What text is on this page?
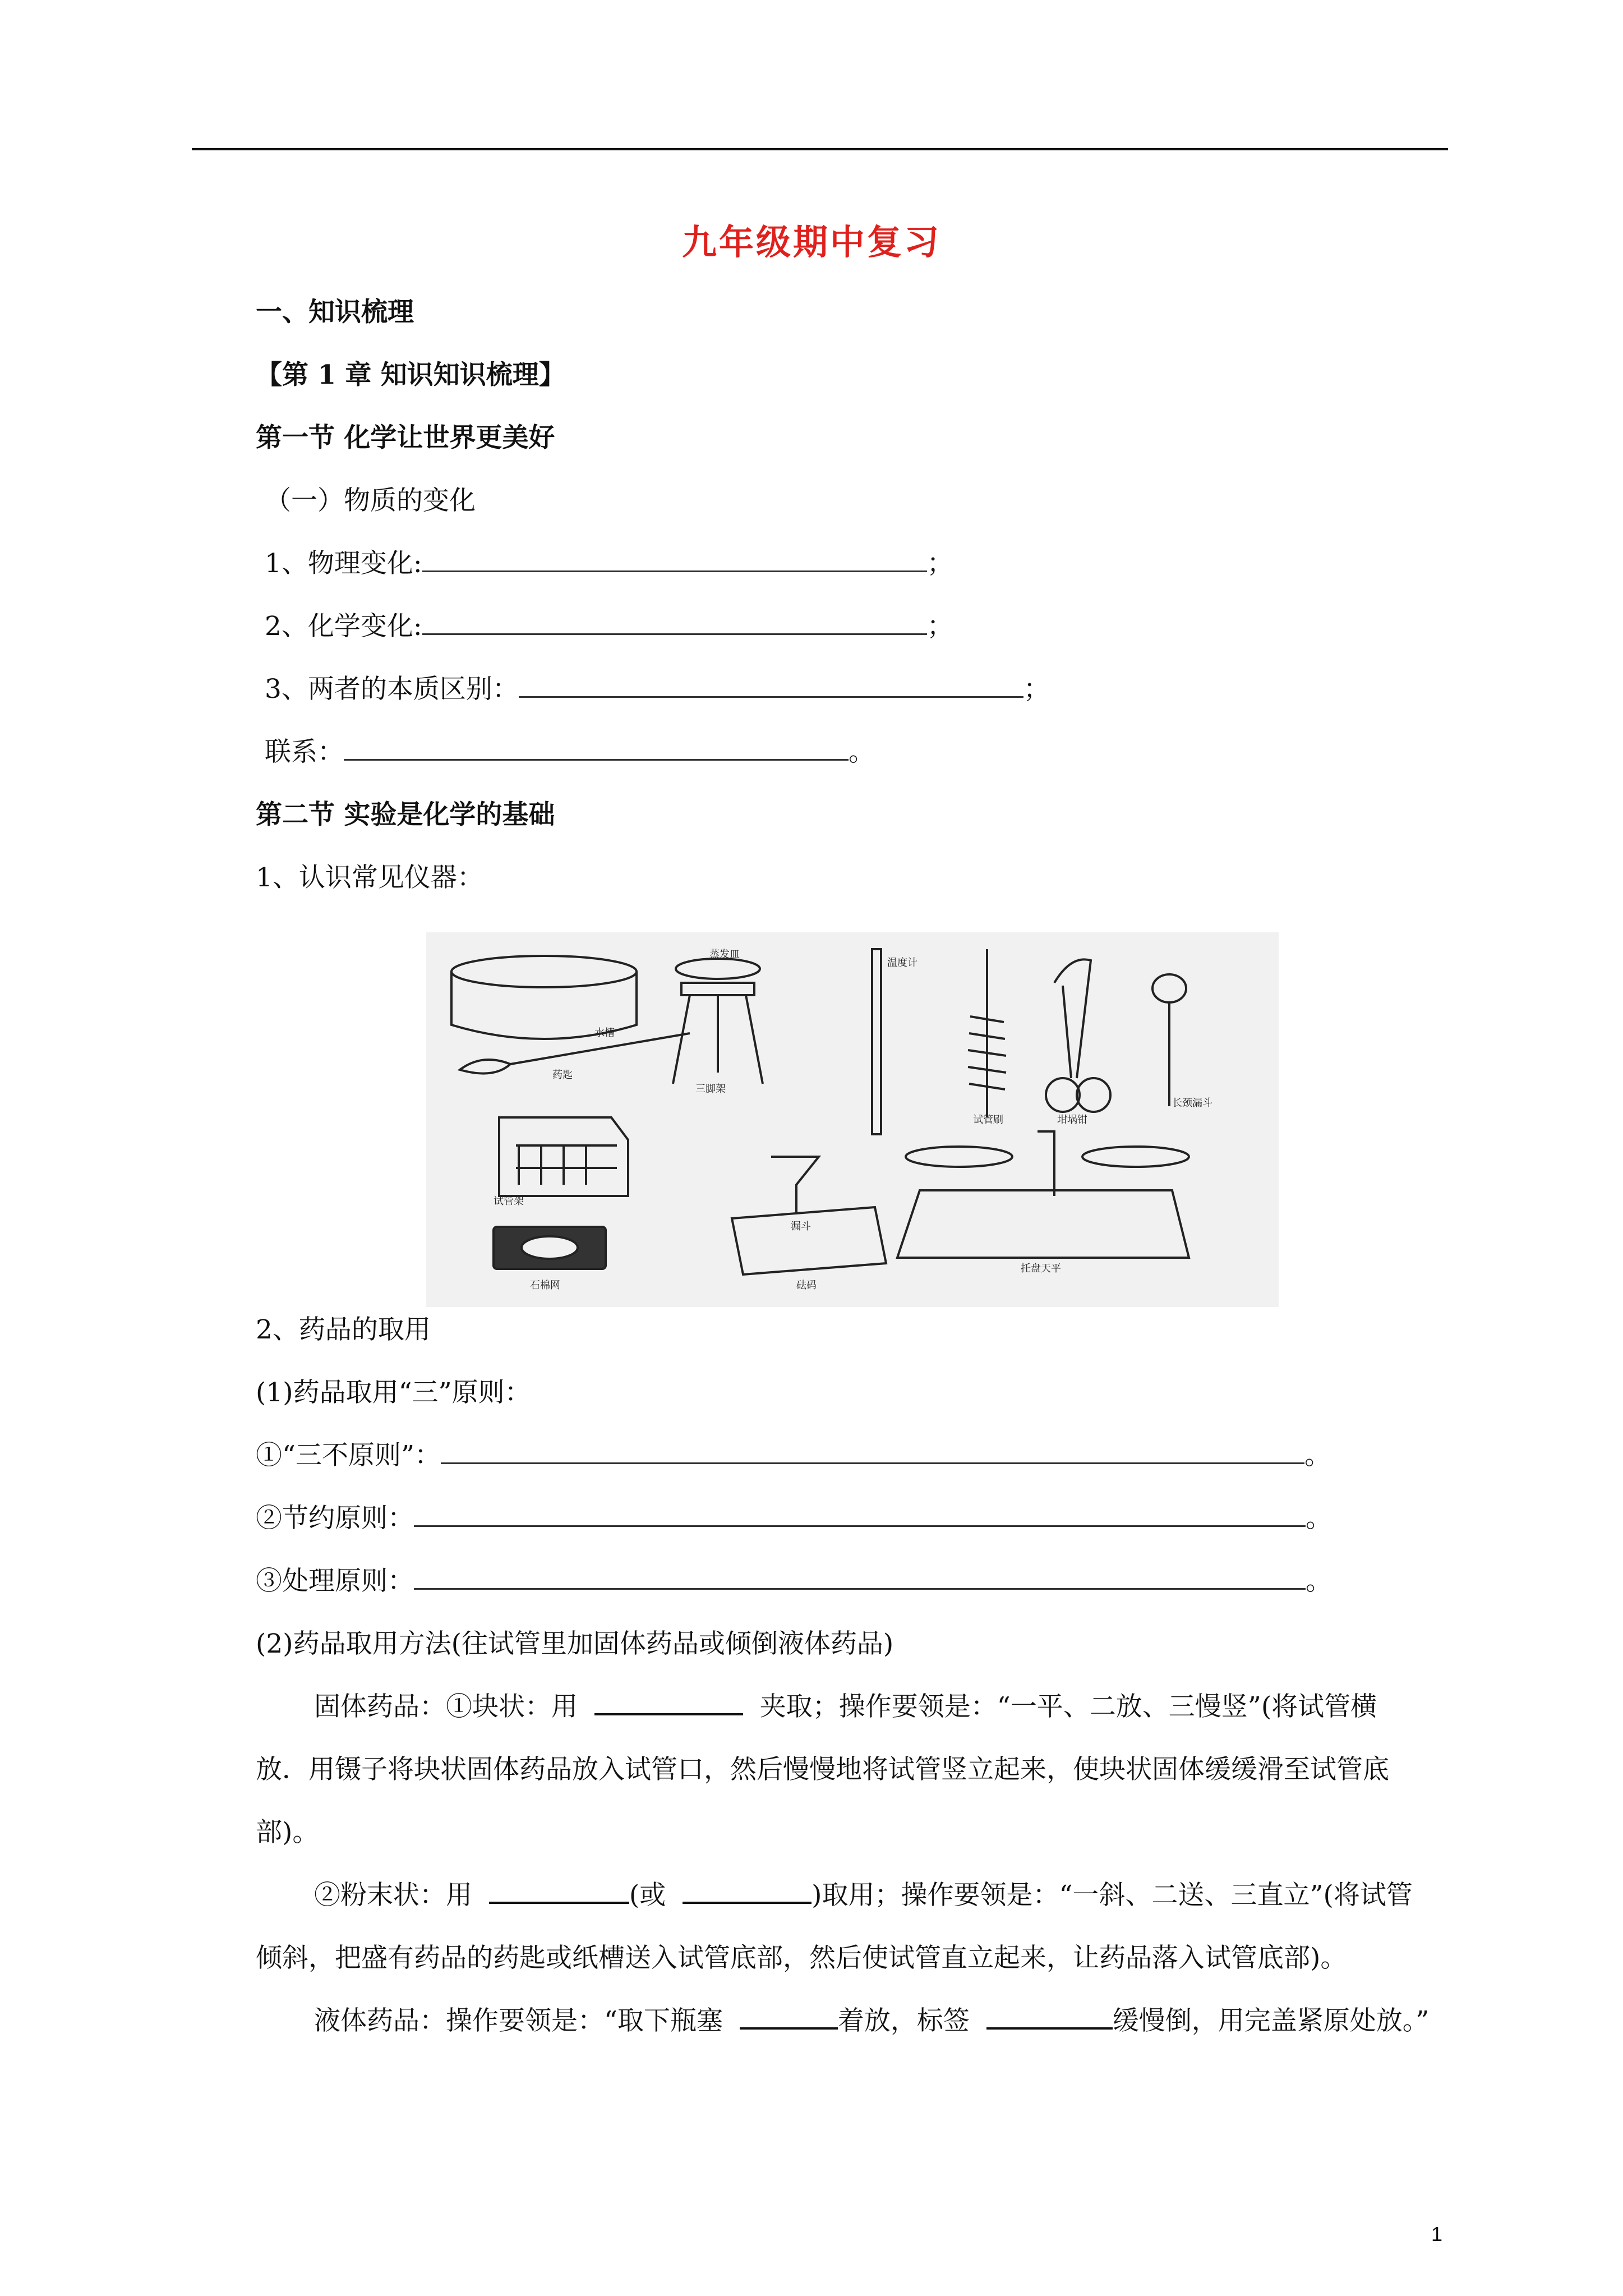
九年级期中复习
一、知识梳理
【第 1 章 知识知识梳理】
第一节 化学让世界更美好
（一）物质的变化
1、物理变化:	；
2、化学变化:	；
3、两者的本质区别：	；
联系：	。
第二节 实验是化学的基础
1、认识常见仪器：
水槽
药匙
蒸发皿
三脚架
温度计
试管刷	坩埚钳
长颈漏斗
试管架
漏斗
托盘天平
石棉网	砝码
2、药品的取用
(1)药品取用“三”原则：
①“三不原则”：	。
②节约原则：	。
③处理原则：	。
(2)药品取用方法(往试管里加固体药品或倾倒液体药品)
固体药品：①块状：用	夹取；操作要领是：“一平、二放、三慢竖”(将试管横
放．用镊子将块状固体药品放入试管口，然后慢慢地将试管竖立起来，使块状固体缓缓滑至试管底
部)。
②粉末状：用	(或	)取用；操作要领是：“一斜、二送、三直立”(将试管
倾斜，把盛有药品的药匙或纸槽送入试管底部，然后使试管直立起来，让药品落入试管底部)。
液体药品：操作要领是：“取下瓶塞	着放，标签	缓慢倒，用完盖紧原处放。”
1
